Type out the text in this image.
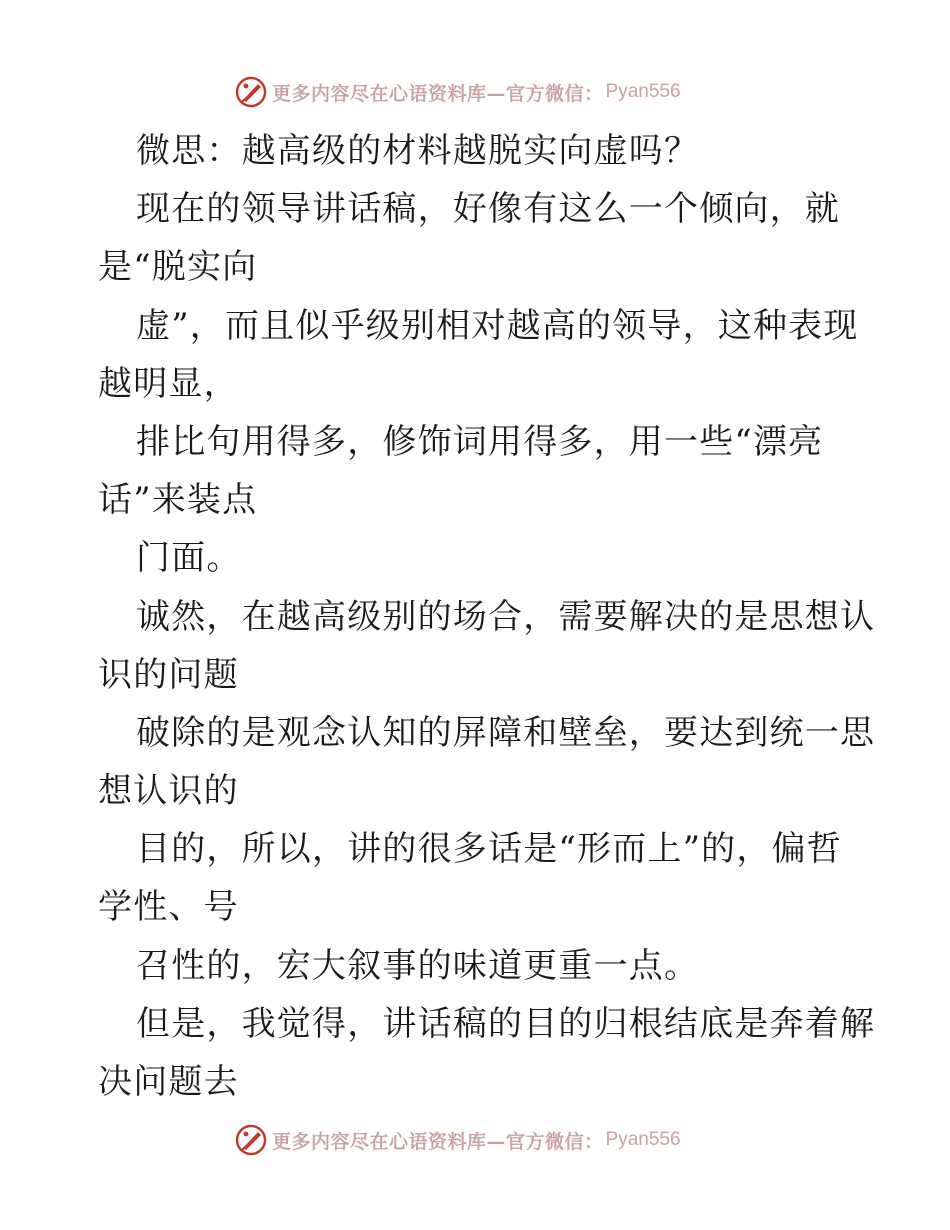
更多内容尽在心语资料库—官方微信： Pyan556
微思：越高级的材料越脱实向虚吗？
现在的领导讲话稿，好像有这么一个倾向，就
是“脱实向
虚”，而且似乎级别相对越高的领导，这种表现
越明显，
排比句用得多，修饰词用得多，用一些“漂亮
话”来装点
门面。
诚然，在越高级别的场合，需要解决的是思想认
识的问题
破除的是观念认知的屏障和壁垒，要达到统一思
想认识的
目的，所以，讲的很多话是“形而上”的，偏哲
学性、号
召性的，宏大叙事的味道更重一点。
但是，我觉得，讲话稿的目的归根结底是奔着解
决问题去
更多内容尽在心语资料库—官方微信： Pyan556
